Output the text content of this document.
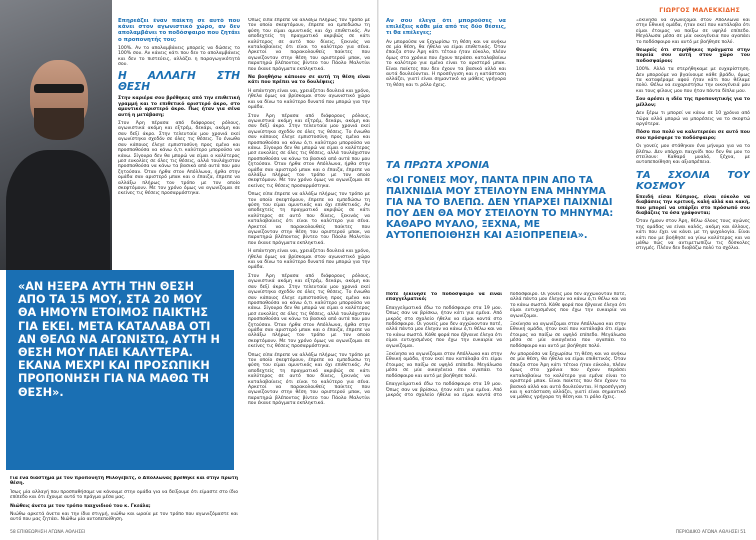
«ΑΝ ΗΞΕΡΑ ΑΥΤΗ ΤΗΝ ΘΕΣΗ ΑΠΟ ΤΑ 15 ΜΟΥ, ΣΤΑ 20 ΜΟΥ ΘΑ ΗΜΟΥΝ ΕΤΟΙΜΟΣ ΠΑΙΚΤΗΣ ΓΙΑ ΕΚΕΙ. ΜΕΤΑ ΚΑΤΑΛΑΒΑ ΟΤΙ ΑΝ ΘΕΛΩ ΝΑ ΑΓΩΝΙΣΤΩ, ΑΥΤΗ Η ΘΕΣΗ ΜΟΥ ΠΑΕΙ ΚΑΛΥΤΕΡΑ. ΕΚΑΝΑ ΜΕΧΡΙ ΚΑΙ ΠΡΟΣΩΠΙΚΗ ΠΡΟΠΟΝΗΣΗ ΓΙΑ ΝΑ ΜΑΘΩ ΤΗ ΘΕΣΗ».

Επηρεάζει έναν παίκτη σε αυτό που κάνει στον αγωνιστικό χώρο, αν δεν απολαμβάνει το ποδόσφαιρο που ζητάει ο προπονητής του;

100%. Αν το απολαμβάνεις μπορείς να δώσεις το 100% σου. Αν κάνεις κάτι που δεν το απολαμβάνεις και δεν το πιστεύεις, αλλάζει η παραγωγικότητά σου.

Η ΑΛΛΑΓΗ ΣΤΗ ΘΕΣΗ

Στην καριέρα σου βρέθηκες από την επιθετική γραμμή και το επιθετικό αριστερό άκρο, στο αμυντικό αριστερό άκρο. Πως ήταν για σένα αυτή η μετάβαση;

Στον Άρη πέρασα από διάφορους ρόλους, αγωνιστικά ακόμη και εξτρέμ, δεκάρι, ακόμη και σαν δεξί άκρο. Στην τελευταία μου χρονιά εκεί αγωνίστηκα σχεδόν σε όλες τις θέσεις. Το ένιωθα σαν κάποιος έλεγε εμπιστοσύνη προς εμένα και προσπαθούσα να κάνω ό,τι καλύτερο μπορούσα να κάνω. Σίγουρα δεν θα μπορώ να είμαι ο καλύτερος μεσ ευκολίες σε όλες τις θέσεις, αλλά τουλάχιστον προσπαθούσα να κάνω τα βασικά από αυτά που μου ζητούσαν. Όταν ήρθα στον Απόλλωνα, ήρθα στην ομάδα σαν αριστερό μπακ και ο έπαιζα, έπρεπε να αλλάξω πλήρως τον τρόπο με τον οποίο σκεφτόμουν. Με τον χρόνο όμως να αγωνίζομαι σε εκείνες τις θέσεις προσαρμόστηκα.

Όπως είπα έπρεπε να αλλάξω πλήρως τον τρόπο με τον οποίο σκεφτόμουν, έπρεπε να εμπεδώσω τη φύση του είμαι αμυντικός και όχι επιθετικός. Αν αποδεχτείς τη πραγματικό ακριβώς σε κάτι καλύτερος σε αυτό που δίνεις, ξεκινάς να καταλαβαίνεις ότι είναι το καλύτερο για σένα. Αρκετοί να παρακολουθείς παίκτες που αγωνίζονταν στην θέση του αριστερού μπακ, να παρατηρώ βλέποντας βίντεο του Πάολο Μαλντίνι που έκανε πράγματα εκπληκτικά.

Να βοηθήσω κάποιον σε αυτή τη θέση είναι κάτι που πρέπει να το δουλέψεις;

Η απάντηση είναι ναι, χρειάζεται δουλειά και χρόνο, ήθελα όμως να βρίσκομαι στον αγωνιστικό χώρο και να δίνω το καλύτερο δυνατό που μπορώ για την ομάδα.

Στον Άρη πέρασα από διάφορους ρόλους, αγωνιστικά ακόμη και εξτρέμ, δεκάρι, ακόμη και σαν δεξί άκρο. Στην τελευταία μου χρονιά εκεί αγωνίστηκα σχεδόν σε όλες τις θέσεις. Το ένιωθα σαν κάποιος έλεγε εμπιστοσύνη προς εμένα και προσπαθούσα να κάνω ό,τι καλύτερο μπορούσα να κάνω. Σίγουρα δεν θα μπορώ να είμαι ο καλύτερος μεσ ευκολίες σε όλες τις θέσεις, αλλά τουλάχιστον προσπαθούσα να κάνω τα βασικά από αυτά που μου ζητούσαν. Όταν ήρθα στον Απόλλωνα, ήρθα στην ομάδα σαν αριστερό μπακ και ο έπαιζα, έπρεπε να αλλάξω πλήρως τον τρόπο με τον οποίο σκεφτόμουν. Με τον χρόνο όμως να αγωνίζομαι σε εκείνες τις θέσεις προσαρμόστηκα.

Όπως είπα έπρεπε να αλλάξω πλήρως τον τρόπο με τον οποίο σκεφτόμουν, έπρεπε να εμπεδώσω τη φύση του είμαι αμυντικός και όχι επιθετικός. Αν αποδεχτείς τη πραγματικό ακριβώς σε κάτι καλύτερος σε αυτό που δίνεις, ξεκινάς να καταλαβαίνεις ότι είναι το καλύτερο για σένα. Αρκετοί να παρακολουθείς παίκτες που αγωνίζονταν στην θέση του αριστερού μπακ, να παρατηρώ βλέποντας βίντεο του Πάολο Μαλντίνι που έκανε πράγματα εκπληκτικά.

Η απάντηση είναι ναι, χρειάζεται δουλειά και χρόνο, ήθελα όμως να βρίσκομαι στον αγωνιστικό χώρο και να δίνω το καλύτερο δυνατό που μπορώ για την ομάδα.

Στον Άρη πέρασα από διάφορους ρόλους, αγωνιστικά ακόμη και εξτρέμ, δεκάρι, ακόμη και σαν δεξί άκρο. Στην τελευταία μου χρονιά εκεί αγωνίστηκα σχεδόν σε όλες τις θέσεις. Το ένιωθα σαν κάποιος έλεγε εμπιστοσύνη προς εμένα και προσπαθούσα να κάνω ό,τι καλύτερο μπορούσα να κάνω. Σίγουρα δεν θα μπορώ να είμαι ο καλύτερος μεσ ευκολίες σε όλες τις θέσεις, αλλά τουλάχιστον προσπαθούσα να κάνω τα βασικά από αυτά που μου ζητούσαν. Όταν ήρθα στον Απόλλωνα, ήρθα στην ομάδα σαν αριστερό μπακ και ο έπαιζα, έπρεπε να αλλάξω πλήρως τον τρόπο με τον οποίο σκεφτόμουν. Με τον χρόνο όμως να αγωνίζομαι σε εκείνες τις θέσεις προσαρμόστηκα.

Όπως είπα έπρεπε να αλλάξω πλήρως τον τρόπο με τον οποίο σκεφτόμουν, έπρεπε να εμπεδώσω τη φύση του είμαι αμυντικός και όχι επιθετικός. Αν αποδεχτείς τη πραγματικό ακριβώς σε κάτι καλύτερος σε αυτό που δίνεις, ξεκινάς να καταλαβαίνεις ότι είναι το καλύτερο για σένα. Αρκετοί να παρακολουθείς παίκτες που αγωνίζονταν στην θέση του αριστερού μπακ, να παρατηρώ βλέποντας βίντεο του Πάολο Μαλντίνι που έκανε πράγματα εκπληκτικά.

Για ένα διάστημα με τον προπονητή Μιλόγεβιτς, ο Απόλλωνας βρέθηκε και στην πρώτη θέση.

Ίσως μία αλλαγή που προσπαθήσαμε να κάνουμε στην ομάδα για να δείξουμε ότι είμαστε στο ίδιο επίπεδο και ότι έχουμε αυτό το πράγμα μέσα μας.

Νιώθεις άνετα με τον τρόπο παιχνιδιού του κ. Γκεάλα;

Νιώθω αρκετά άνετα και την ίδια στιγμή, νιώθω και ωραία με τον τρόπο που αγωνιζόμαστε και αυτό που μας ζητάει. Νιώθω μία αυτοπεποίθηση.

58 ΕΠΙΘΕΩΡΗΣΗ ΑΓΩΝΑ ΑΘΛΗΣΕΙ
ΓΙΩΡΓΟΣ ΜΑΛΕΚΚΙΔΗΣ

Αν σου έλεγα ότι μπορούσες να επιλέξεις κάθε μία από τις δύο θέσεις, τι θα επέλεγες;

Αν μπορούσα να ξεχωρίσω τη θέση και να ανήκω σε μία θέση, θα ήθελα να είμαι επιθετικός. Όταν έπαιζα στον Άρη κάτι τέτοιο ήταν εύκολο, πλέον όμως στα χρόνια που έχουν περάσει καταλαβαίνω το καλύτερο για εμένα είναι το αριστερό μπακ. Είναι παίκτες που δεν έχουν τα βασικά αλλά και αυτά δουλεύονται. Η προσέγγιση και η κατάσταση αλλάζει, γιατί είναι σημαντικό να μάθεις γρήγορα τη θέση και τι ρόλο έχεις.

ΤΑ ΠΡΩΤΑ ΧΡΟΝΙΑ
«ΟΙ ΓΟΝΕΙΣ ΜΟΥ, ΠΑΝΤΑ ΠΡΙΝ ΑΠΟ ΤΑ ΠΑΙΧΝΙΔΙΑ ΜΟΥ ΣΤΕΙΛΟΥΝ ΕΝΑ ΜΗΝΥΜΑ ΓΙΑ ΝΑ ΤΟ ΒΛΕΠΩ. ΔΕΝ ΥΠΑΡΧΕΙ ΠΑΙΧΝΙΔΙ ΠΟΥ ΔΕΝ ΘΑ ΜΟΥ ΣΤΕΙΛΟΥΝ ΤΟ ΜΗΝΥΜΑ: ΚΑΘΑΡΟ ΜΥΑΛΟ, ΞΕΧΝΑ, ΜΕ ΑΥΤΟΠΕΠΟΙΘΗΣΗ ΚΑΙ ΑΞΙΟΠΡΕΠΕΙΑ».

Πότε ξεκίνησε το ποδόσφαιρο να είναι επαγγελματικό;

Επαγγελματικά έδω το ποδόσφαιρο στα 19 μου. Όπως σαν να βρίσκω, ήταν κάτι για εμένα. Από μικρός στο σχολείο ήθελα να είμαι κοντά στο ποδόσφαιρο. Οι γονείς μου δεν αγχώνονταν ποτέ, αλλά πάντα μου έλεγαν να κάνω ό,τι θέλω και να το κάνω σωστά. Κάθε φορά που έβγαινε έλεγα ότι είμαι ευτυχισμένος που έχω την ευκαιρία να αγωνίζομαι.

Ξεκίνησα να αγωνίζομαι στον Απόλλωνα και στην Εθνική ομάδα, ήταν εκεί που κατάλαβα ότι είμαι έτοιμος να παίξω σε υψηλό επίπεδο. Μεγάλωσα μέσα σε μία οικογένεια που αγαπάει το ποδόσφαιρο και αυτό με βοήθησε πολύ.

Επαγγελματικά έδω το ποδόσφαιρο στα 19 μου. Όπως σαν να βρίσκω, ήταν κάτι για εμένα. Από μικρός στο σχολείο ήθελα να είμαι κοντά στο ποδόσφαιρο. Οι γονείς μου δεν αγχώνονταν ποτέ, αλλά πάντα μου έλεγαν να κάνω ό,τι θέλω και να το κάνω σωστά. Κάθε φορά που έβγαινε έλεγα ότι είμαι ευτυχισμένος που έχω την ευκαιρία να αγωνίζομαι.

Ξεκίνησα να αγωνίζομαι στον Απόλλωνα και στην Εθνική ομάδα, ήταν εκεί που κατάλαβα ότι είμαι έτοιμος να παίξω σε υψηλό επίπεδο. Μεγάλωσα μέσα σε μία οικογένεια που αγαπάει το ποδόσφαιρο και αυτό με βοήθησε πολύ.

Αν μπορούσα να ξεχωρίσω τη θέση και να ανήκω σε μία θέση, θα ήθελα να είμαι επιθετικός. Όταν έπαιζα στον Άρη κάτι τέτοιο ήταν εύκολο, πλέον όμως στα χρόνια που έχουν περάσει καταλαβαίνω το καλύτερο για εμένα είναι το αριστερό μπακ. Είναι παίκτες που δεν έχουν τα βασικά αλλά και αυτά δουλεύονται. Η προσέγγιση και η κατάσταση αλλάζει, γιατί είναι σημαντικό να μάθεις γρήγορα τη θέση και τι ρόλο έχεις.

Ξεκίνησα να αγωνίζομαι στον Απόλλωνα και στην Εθνική ομάδα, ήταν εκεί που κατάλαβα ότι είμαι έτοιμος να παίξω σε υψηλό επίπεδο. Μεγάλωσα μέσα σε μία οικογένεια που αγαπάει το ποδόσφαιρο και αυτό με βοήθησε πολύ.

Θεωρείς ότι στερήθηκες πράγματα στην πορεία σου αυτή στον χώρο του ποδοσφαίρου;

100%. Αλλά τα στερήθηκαμε με ευχαρίστηση. Δεν μπορούμε να βγαίνουμε κάθε βράδυ, όμως τα καταφέραμε αφού ήταν κάτι που θέλαμε πολύ. Θέλω να ευχαριστήσω την οικογένειά μου και τους φίλους μου που ήταν πάντα δίπλα μου.

Σου αρέσει η ιδέα της προπονητικής για το μέλλον;

Δεν ξέρω τι μπορεί να κάνω σε 10 χρόνια από τώρα αλλά μπορώ να μπορέσεις να το σκεφτώ αργότερα.

Πόσο πιο πολύ να καλυτερεύει σε αυτό που σου πρόσφερε το ποδόσφαιρο;

Οι γονείς μου στάθηκαν ένα μήνυμα για να το βλέπω. Δεν υπάρχει παιχνίδι που δεν θα μου το στείλουν: Καθαρό μυαλό, ξέχνα, με αυτοπεποίθηση και αξιοπρέπεια.

ΤΑ ΣΧΟΛΙΑ ΤΟΥ ΚΟΣΜΟΥ

Επειδή είσαι Κύπριος, είναι εύκολο να διαβάσεις την κριτική, καλή αλλά και κακή, που μπορεί να υπάρξει στο πρόσωπό σου διαβάζεις τα όσα γράφονται;

Όταν ήμουν στον Άρη, θέλω όλους τους αγώνες της ομάδας να είναι καλός, ακόμη και άλλους, κάτι που έχει να κάνει με τη ψυχολογία. Είναι κάτι που με βοήθησε να γίνω καλύτερος και να μάθω πώς να αντιμετωπίζω τις δύσκολες στιγμές. Πλέον δεν διαβάζω πολύ τα σχόλια.

ΠΕΡΙΟΔΙΚΟ ΑΓΩΝΑ ΑΘΛΗΣΕΙ 51
